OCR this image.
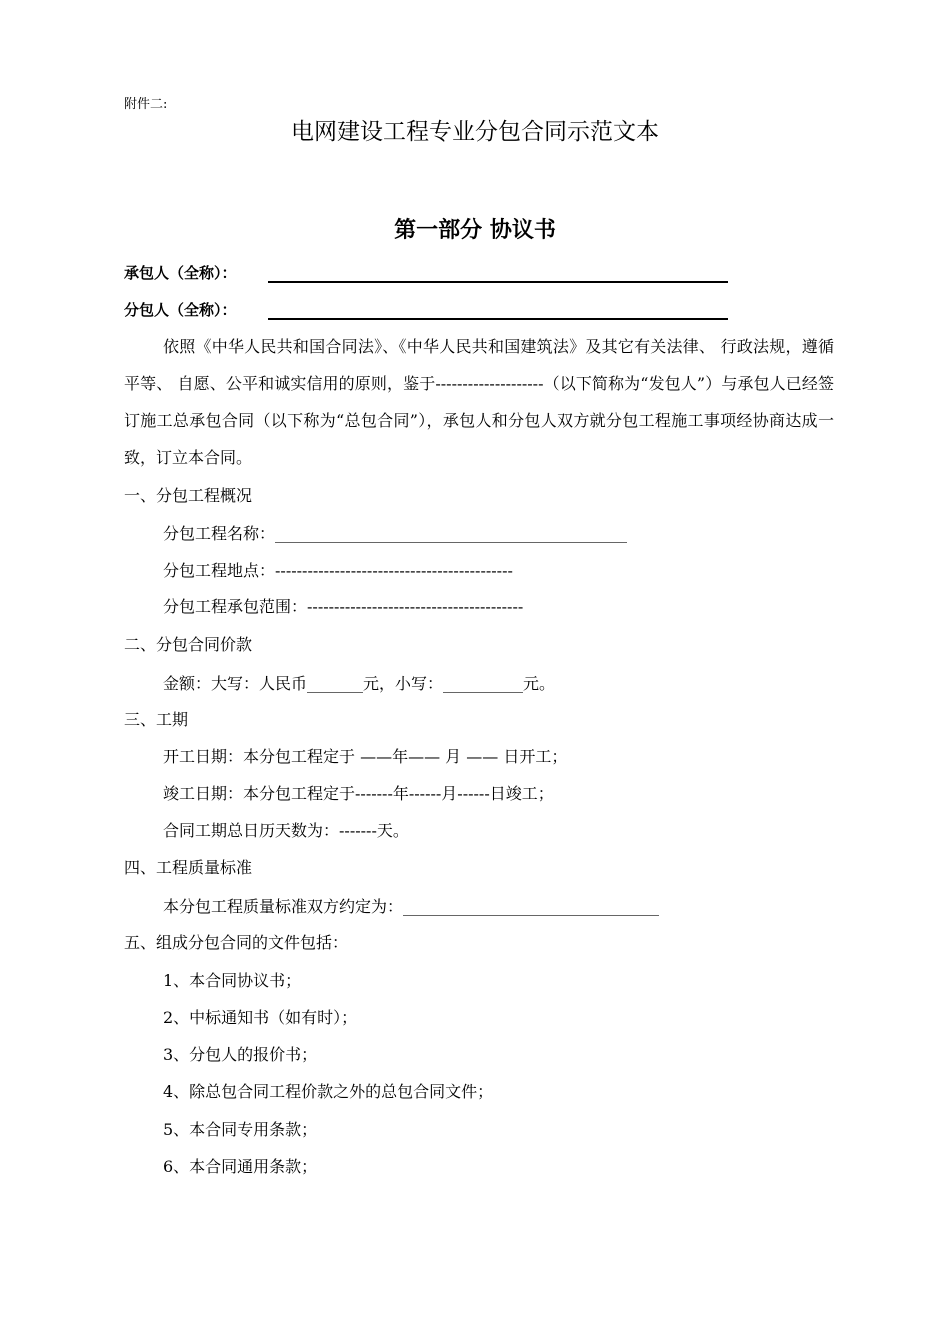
附件二:

电网建设工程专业分包合同示范文本
第一部分 协议书

承包人（全称）：

分包人（全称）：

依照《中华人民共和国合同法》、《中华人民共和国建筑法》及其它有关法律、 行政法规，遵循平等、 自愿、公平和诚实信用的原则，鉴于--------------------（以下简称为“发包人”）与承包人已经签订施工总承包合同（以下称为“总包合同”），承包人和分包人双方就分包工程施工事项经协商达成一致，订立本合同。

一、分包工程概况

分包工程名称：____________________________________________

分包工程地点：--------------------------------------------

分包工程承包范围：----------------------------------------

二、分包合同价款

金额：大写：人民币_______元，小写：__________元。

三、工期

开工日期：本分包工程定于 ——年—— 月 —— 日开工；

竣工日期：本分包工程定于-------年------月------日竣工；

合同工期总日历天数为：-------天。

四、工程质量标准

本分包工程质量标准双方约定为：________________________________

五、组成分包合同的文件包括：

1、本合同协议书；

2、中标通知书（如有时）；

3、分包人的报价书；

4、除总包合同工程价款之外的总包合同文件；

5、本合同专用条款；

6、本合同通用条款；
